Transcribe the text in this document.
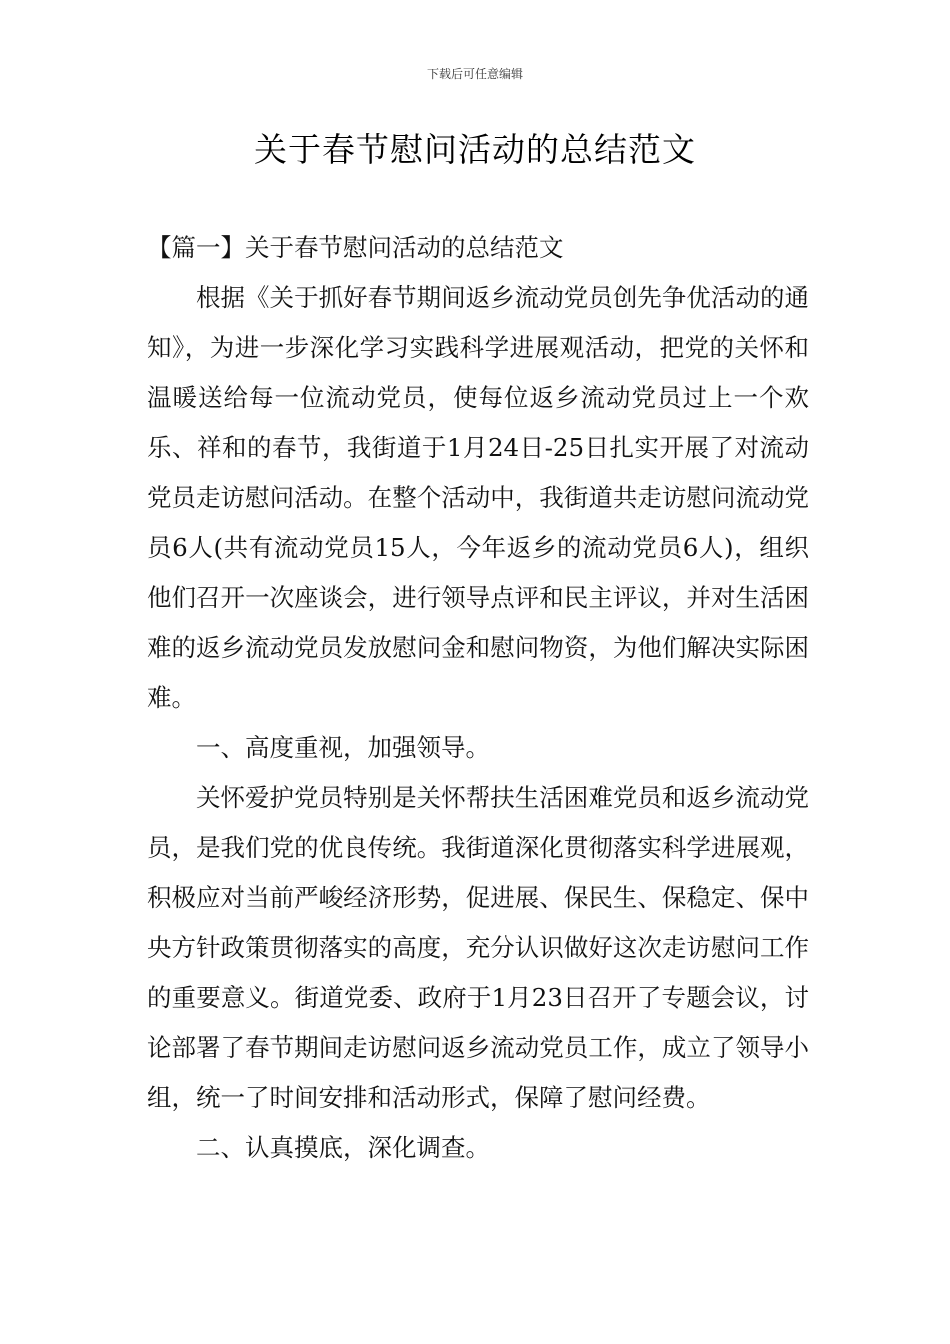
下载后可任意编辑
关于春节慰问活动的总结范文

【篇一】关于春节慰问活动的总结范文

根据《关于抓好春节期间返乡流动党员创先争优活动的通知》，为进一步深化学习实践科学进展观活动，把党的关怀和温暖送给每一位流动党员，使每位返乡流动党员过上一个欢乐、祥和的春节，我街道于1月24日-25日扎实开展了对流动党员走访慰问活动。在整个活动中，我街道共走访慰问流动党员6人(共有流动党员15人，今年返乡的流动党员6人)，组织他们召开一次座谈会，进行领导点评和民主评议，并对生活困难的返乡流动党员发放慰问金和慰问物资，为他们解决实际困难。

一、高度重视，加强领导。

关怀爱护党员特别是关怀帮扶生活困难党员和返乡流动党员，是我们党的优良传统。我街道深化贯彻落实科学进展观，积极应对当前严峻经济形势，促进展、保民生、保稳定、保中央方针政策贯彻落实的高度，充分认识做好这次走访慰问工作的重要意义。街道党委、政府于1月23日召开了专题会议，讨论部署了春节期间走访慰问返乡流动党员工作，成立了领导小组，统一了时间安排和活动形式，保障了慰问经费。

二、认真摸底，深化调查。
